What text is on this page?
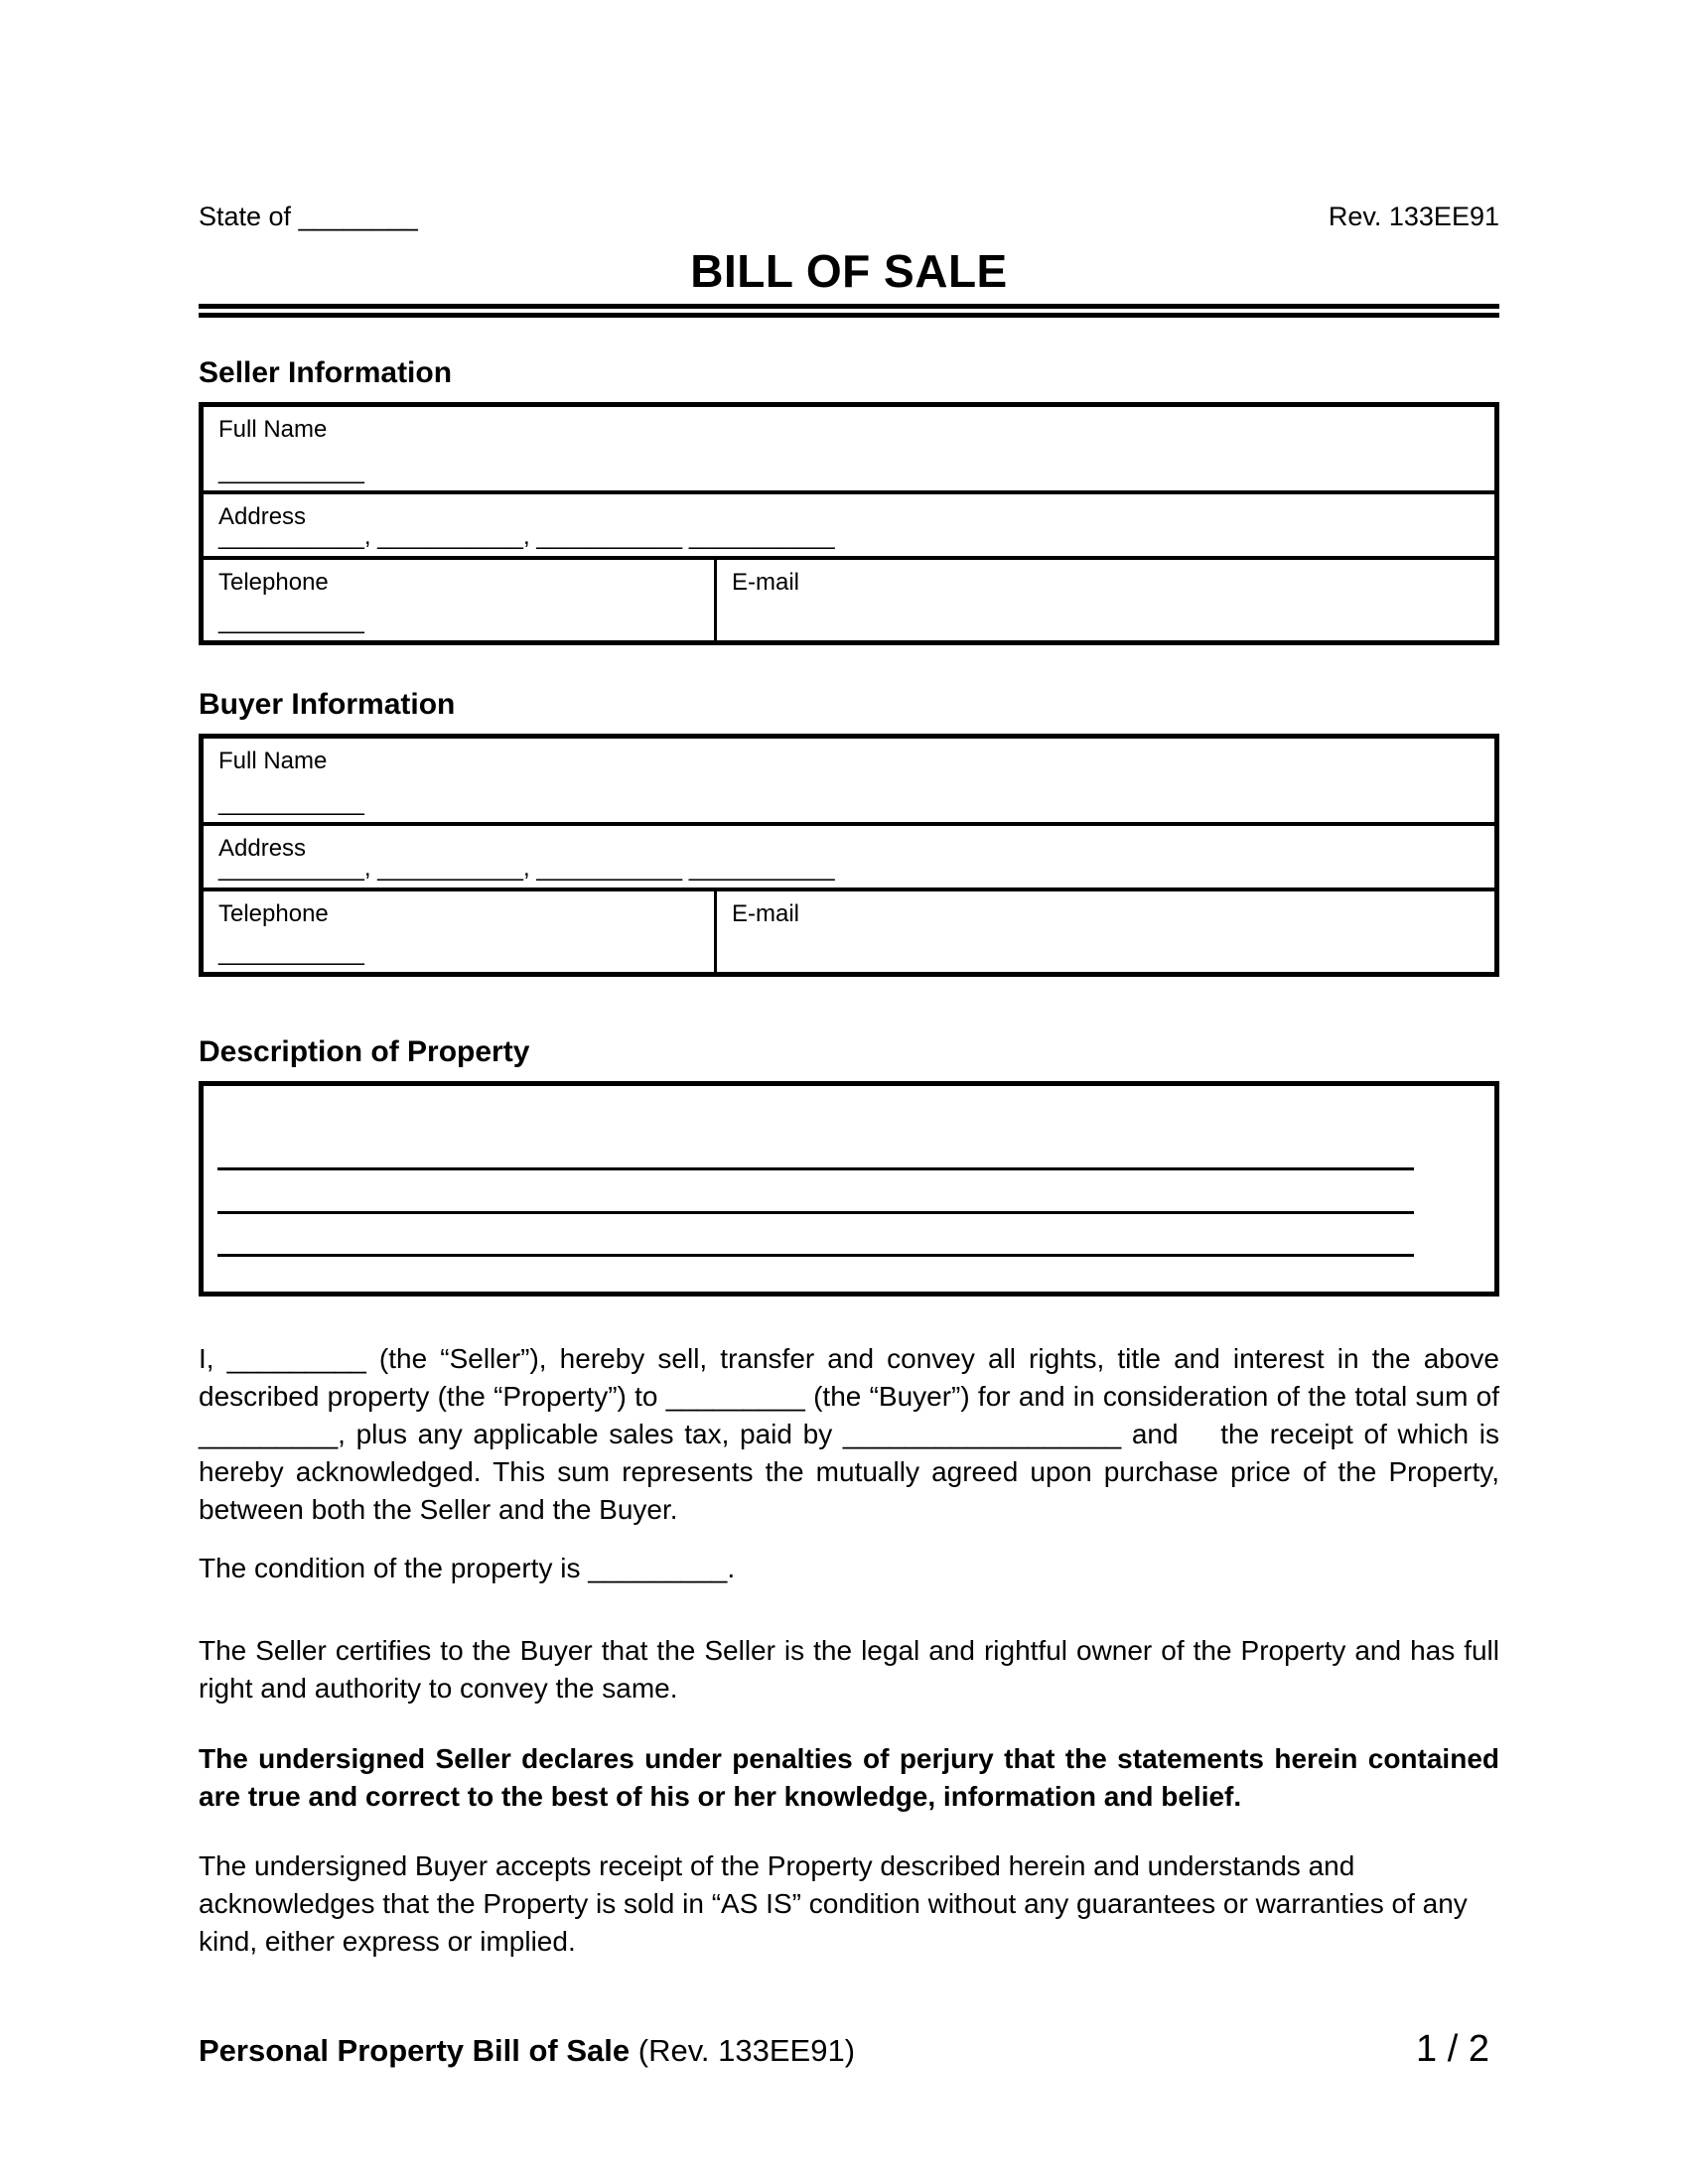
State of ________	Rev. 133EE91
BILL OF SALE
Seller Information
Full Name
___________
Address
___________, ___________, ___________ ___________
Telephone
___________
E-mail
Buyer Information
Full Name
___________
Address
___________, ___________, ___________ ___________
Telephone
___________
E-mail
Description of Property

I, _________ (the “Seller”), hereby sell, transfer and convey all rights, title and interest in the above described property (the “Property”) to _________ (the “Buyer”) for and in consideration of the total sum of _________, plus any applicable sales tax, paid by __________________ and    the receipt of which is hereby acknowledged. This sum represents the mutually agreed upon purchase price of the Property, between both the Seller and the Buyer.

The condition of the property is _________.

The Seller certifies to the Buyer that the Seller is the legal and rightful owner of the Property and has full right and authority to convey the same.

The undersigned Seller declares under penalties of perjury that the statements herein contained are true and correct to the best of his or her knowledge, information and belief.

The undersigned Buyer accepts receipt of the Property described herein and understands and acknowledges that the Property is sold in “AS IS” condition without any guarantees or warranties of any kind, either express or implied.

Personal Property Bill of Sale (Rev. 133EE91)	1 / 2
